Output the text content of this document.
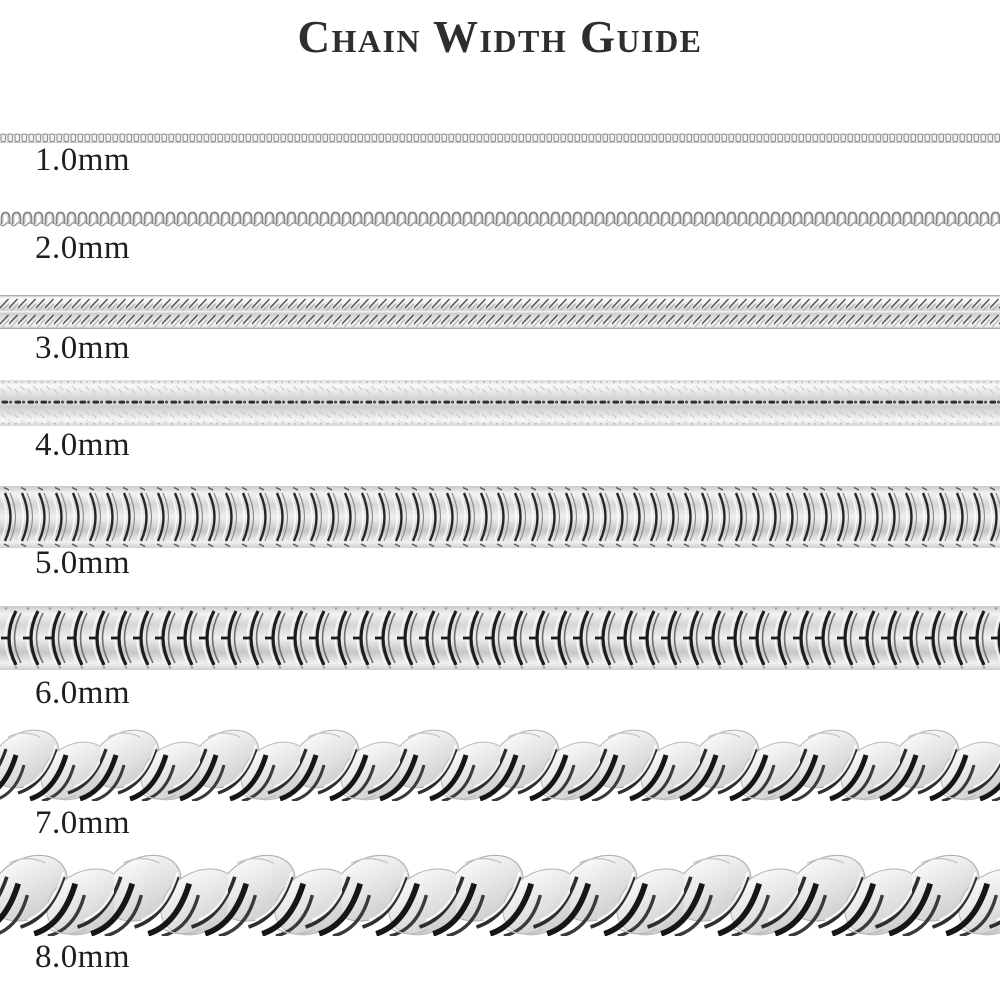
Chain Width Guide
1.0mm
2.0mm
3.0mm
4.0mm
5.0mm
6.0mm
7.0mm
8.0mm
